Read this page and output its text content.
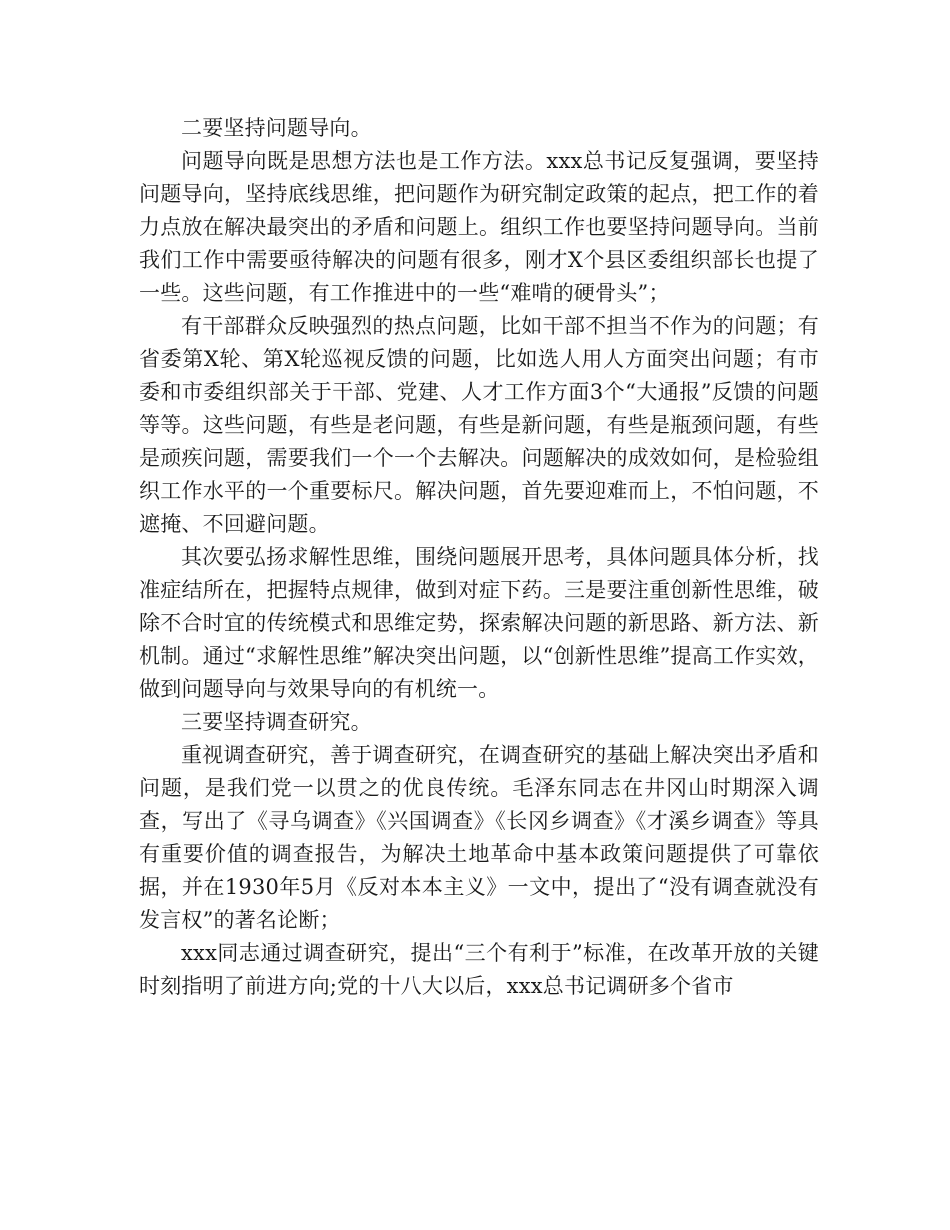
二要坚持问题导向。

问题导向既是思想方法也是工作方法。xxx总书记反复强调，要坚持问题导向，坚持底线思维，把问题作为研究制定政策的起点，把工作的着力点放在解决最突出的矛盾和问题上。组织工作也要坚持问题导向。当前我们工作中需要亟待解决的问题有很多，刚才X个县区委组织部长也提了一些。这些问题，有工作推进中的一些“难啃的硬骨头”；

有干部群众反映强烈的热点问题，比如干部不担当不作为的问题；有省委第X轮、第X轮巡视反馈的问题，比如选人用人方面突出问题；有市委和市委组织部关于干部、党建、人才工作方面3个“大通报”反馈的问题等等。这些问题，有些是老问题，有些是新问题，有些是瓶颈问题，有些是顽疾问题，需要我们一个一个去解决。问题解决的成效如何，是检验组织工作水平的一个重要标尺。解决问题，首先要迎难而上，不怕问题，不遮掩、不回避问题。

其次要弘扬求解性思维，围绕问题展开思考，具体问题具体分析，找准症结所在，把握特点规律，做到对症下药。三是要注重创新性思维，破除不合时宜的传统模式和思维定势，探索解决问题的新思路、新方法、新机制。通过“求解性思维”解决突出问题，以“创新性思维”提高工作实效，做到问题导向与效果导向的有机统一。

三要坚持调查研究。

重视调查研究，善于调查研究，在调查研究的基础上解决突出矛盾和问题，是我们党一以贯之的优良传统。毛泽东同志在井冈山时期深入调查，写出了《寻乌调查》《兴国调查》《长冈乡调查》《才溪乡调查》等具有重要价值的调查报告，为解决土地革命中基本政策问题提供了可靠依据，并在1930年5月《反对本本主义》一文中，提出了“没有调查就没有发言权”的著名论断；

xxx同志通过调查研究，提出“三个有利于”标准，在改革开放的关键时刻指明了前进方向;党的十八大以后，xxx总书记调研多个省市
